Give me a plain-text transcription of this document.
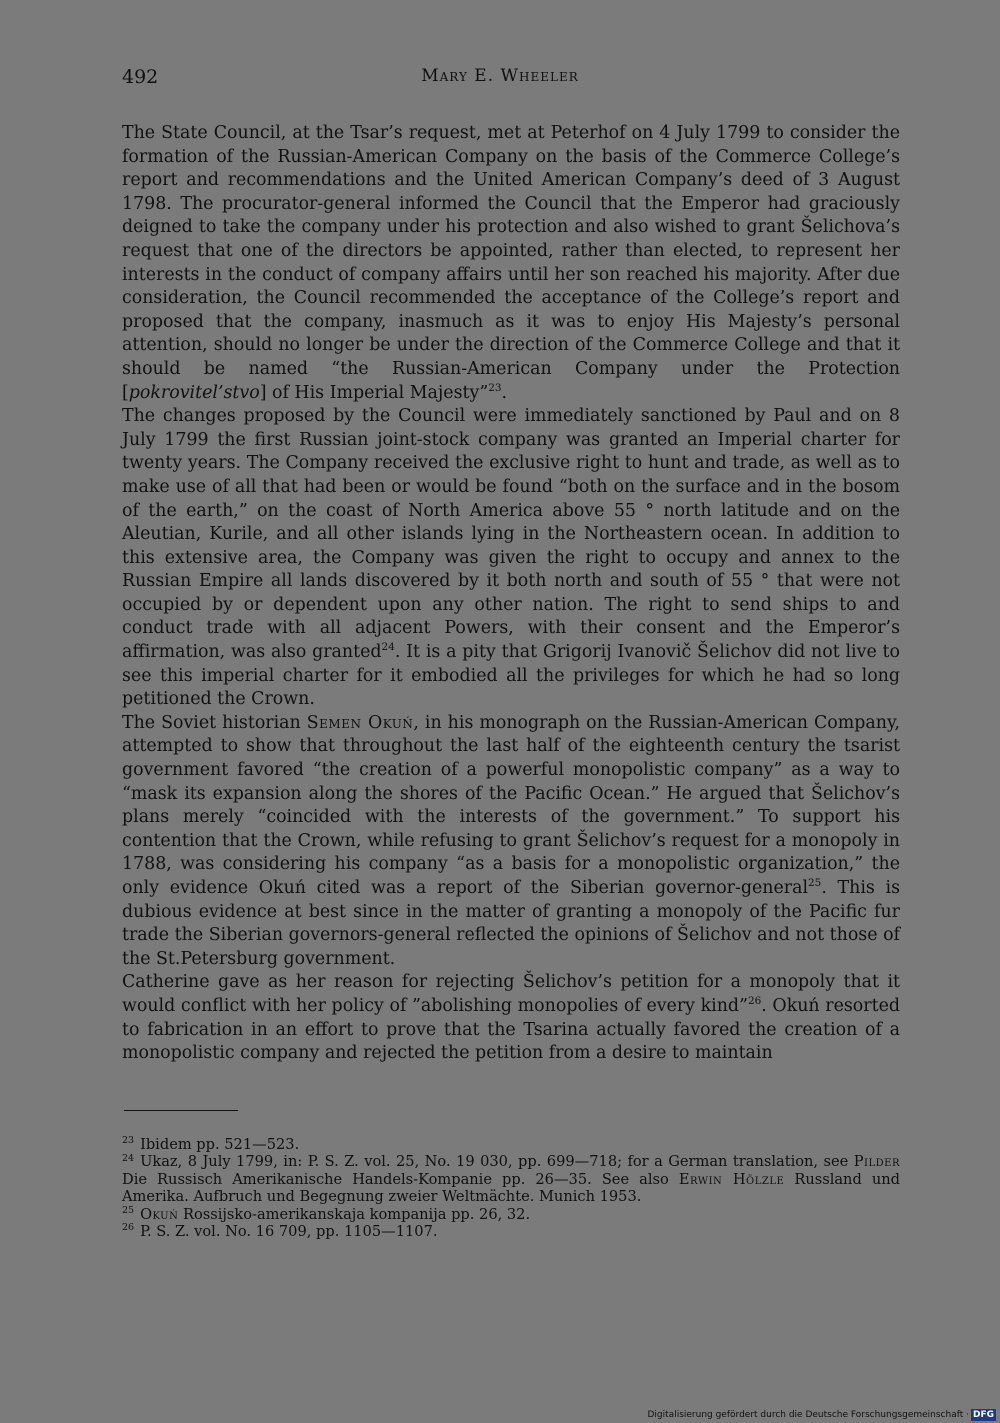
492	Mary E. Wheeler

The State Council, at the Tsar’s request, met at Peterhof on 4 July 1799 to consider the formation of the Russian-American Company on the basis of the Commerce College’s report and recommendations and the United American Company’s deed of 3 August 1798. The procurator-general informed the Council that the Emperor had graciously deigned to take the company under his protection and also wished to grant Šelichova’s request that one of the directors be appointed, rather than elected, to represent her interests in the conduct of company affairs until her son reached his majority. After due consideration, the Council recommended the acceptance of the College’s report and proposed that the company, inasmuch as it was to enjoy His Majesty’s personal attention, should no longer be under the direction of the Commerce College and that it should be named “the Russian-American Company under the Protection [pokrovitel’stvo] of His Imperial Majesty”$^{23}$.

The changes proposed by the Council were immediately sanctioned by Paul and on 8 July 1799 the first Russian joint-stock company was granted an Imperial charter for twenty years. The Company received the exclusive right to hunt and trade, as well as to make use of all that had been or would be found “both on the surface and in the bosom of the earth,” on the coast of North America above 55 ° north latitude and on the Aleutian, Kurile, and all other islands lying in the Northeastern ocean. In addition to this extensive area, the Company was given the right to occupy and annex to the Russian Empire all lands discovered by it both north and south of 55 ° that were not occupied by or dependent upon any other nation. The right to send ships to and conduct trade with all adjacent Powers, with their consent and the Emperor’s affirmation, was also granted$^{24}$. It is a pity that Grigorij Ivanovič Šelichov did not live to see this imperial charter for it embodied all the privileges for which he had so long petitioned the Crown.

The Soviet historian Semen Okuń, in his monograph on the Russian-American Company, attempted to show that throughout the last half of the eighteenth century the tsarist government favored “the creation of a powerful monopolistic company” as a way to “mask its expansion along the shores of the Pacific Ocean.” He argued that Šelichov’s plans merely “coincided with the interests of the government.” To support his contention that the Crown, while refusing to grant Šelichov’s request for a monopoly in 1788, was considering his company “as a basis for a monopolistic organization,” the only evidence Okuń cited was a report of the Siberian governor-general$^{25}$. This is dubious evidence at best since in the matter of granting a monopoly of the Pacific fur trade the Siberian governors-general reflected the opinions of Šelichov and not those of the St.Petersburg government.

Catherine gave as her reason for rejecting Šelichov’s petition for a monopoly that it would conflict with her policy of ”abolishing monopolies of every kind”$^{26}$. Okuń resorted to fabrication in an effort to prove that the Tsarina actually favored the creation of a monopolistic company and rejected the petition from a desire to maintain

$^{23}$ Ibidem pp. 521—523.
$^{24}$ Ukaz, 8 July 1799, in: P. S. Z. vol. 25, No. 19 030, pp. 699—718; for a German translation, see Pilder Die Russisch Amerikanische Handels-Kompanie pp. 26—35. See also Erwin Hölzle Russland und Amerika. Aufbruch und Begegnung zweier Weltmächte. Munich 1953.
$^{25}$ Okuń Rossijsko-amerikanskaja kompanija pp. 26, 32.
$^{26}$ P. S. Z. vol. No. 16 709, pp. 1105—1107.
Digitalisierung gefördert durch die Deutsche Forschungsgemeinschaft · DFG
